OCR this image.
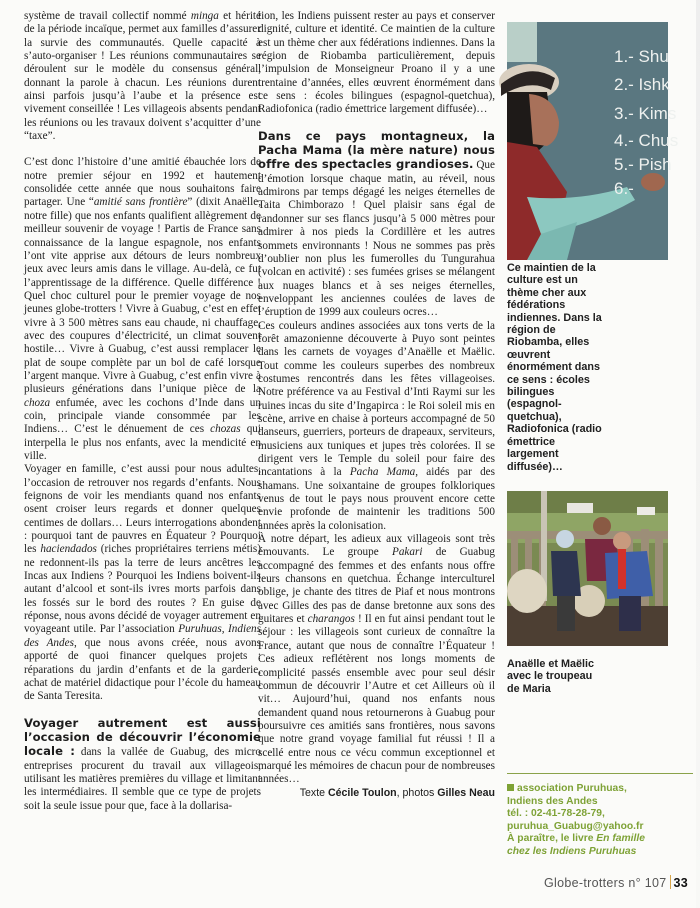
système de travail collectif nommé minga et hérité de la période incaïque, permet aux familles d’assurer la survie des communautés. Quelle capacité à s’auto-organiser ! Les réunions communautaires se déroulent sur le modèle du consensus général, donnant la parole à chacun. Les réunions durent ainsi parfois jusqu’à l’aube et la présence est vivement conseillée ! Les villageois absents pendant les réunions ou les travaux doivent s’acquitter d’une “taxe”.

C’est donc l’histoire d’une amitié ébauchée lors de notre premier séjour en 1992 et hautement consolidée cette année que nous souhaitons faire partager. Une “amitié sans frontière” (dixit Anaëlle, notre fille) que nos enfants qualifient allègrement de meilleur souvenir de voyage ! Partis de France sans connaissance de la langue espagnole, nos enfants l’ont vite apprise aux détours de leurs nombreux jeux avec leurs amis dans le village. Au-delà, ce fut l’apprentissage de la différence. Quelle différence ! Quel choc culturel pour le premier voyage de nos jeunes globe-trotters ! Vivre à Guabug, c’est en effet vivre à 3 500 mètres sans eau chaude, ni chauffage, avec des coupures d’électricité, un climat souvent hostile… Vivre à Guabug, c’est aussi remplacer le plat de soupe complète par un bol de café lorsque l’argent manque. Vivre à Guabug, c’est enfin vivre à plusieurs générations dans l’unique pièce de la choza enfumée, avec les cochons d’Inde dans un coin, principale viande consommée par les Indiens… C’est le dénuement de ces chozas qui interpella le plus nos enfants, avec la mendicité en ville.

Voyager en famille, c’est aussi pour nous adultes, l’occasion de retrouver nos regards d’enfants. Nous feignons de voir les mendiants quand nos enfants osent croiser leurs regards et donner quelques centimes de dollars… Leurs interrogations abondent : pourquoi tant de pauvres en Équateur ? Pourquoi les haciendados (riches propriétaires terriens métis) ne redonnent-ils pas la terre de leurs ancêtres les Incas aux Indiens ? Pourquoi les Indiens boivent-ils autant d’alcool et sont-ils ivres morts parfois dans les fossés sur le bord des routes ? En guise de réponse, nous avons décidé de voyager autrement en voyageant utile. Par l’association Puruhuas, Indiens des Andes, que nous avons créée, nous avons apporté de quoi financer quelques projets : réparations du jardin d’enfants et de la garderie, achat de matériel didactique pour l’école du hameau de Santa Teresita.

Voyager autrement est aussi l’occasion de découvrir l’économie locale : dans la vallée de Guabug, des micro entreprises procurent du travail aux villageois, utilisant les matières premières du village et limitant les intermédiaires. Il semble que ce type de projets soit la seule issue pour que, face à la dollarisa-

tion, les Indiens puissent rester au pays et conserver dignité, culture et identité. Ce maintien de la culture est un thème cher aux fédérations indiennes. Dans la région de Riobamba particulièrement, depuis l’impulsion de Monseigneur Proano il y a une trentaine d’années, elles œuvrent énormément dans ce sens : écoles bilingues (espagnol-quetchua), Radiofonica (radio émettrice largement diffusée)…

Dans ce pays montagneux, la Pacha Mama (la mère nature) nous offre des spectacles grandioses. Que d’émotion lorsque chaque matin, au réveil, nous admirons par temps dégagé les neiges éternelles de Taita Chimborazo ! Quel plaisir sans égal de randonner sur ses flancs jusqu’à 5 000 mètres pour admirer à nos pieds la Cordillère et les autres sommets environnants ! Nous ne sommes pas près d’oublier non plus les fumerolles du Tungurahua (volcan en activité) : ses fumées grises se mélangent aux nuages blancs et à ses neiges éternelles, enveloppant les anciennes coulées de laves de l’éruption de 1999 aux couleurs ocres…

Ces couleurs andines associées aux tons verts de la forêt amazonienne découverte à Puyo sont peintes dans les carnets de voyages d’Anaëlle et Maëlic. Tout comme les couleurs superbes des nombreux costumes rencontrés dans les fêtes villageoises. Notre préférence va au Festival d’Inti Raymi sur les ruines incas du site d’Ingapirca : le Roi soleil mis en scène, arrive en chaise à porteurs accompagné de 50 danseurs, guerriers, porteurs de drapeaux, serviteurs, musiciens aux tuniques et jupes très colorées. Il se dirigent vers le Temple du soleil pour faire des incantations à la Pacha Mama, aidés par des shamans. Une soixantaine de groupes folkloriques venus de tout le pays nous prouvent encore cette envie profonde de maintenir les traditions 500 années après la colonisation.

À notre départ, les adieux aux villageois sont très émouvants. Le groupe Pakari de Guabug accompagné des femmes et des enfants nous offre leurs chansons en quetchua. Échange interculturel oblige, je chante des titres de Piaf et nous montrons avec Gilles des pas de danse bretonne aux sons des guitares et charangos ! Il en fut ainsi pendant tout le séjour : les villageois sont curieux de connaître la France, autant que nous de connaître l’Équateur ! Ces adieux reflétèrent nos longs moments de complicité passés ensemble avec pour seul désir commun de découvrir l’Autre et cet Ailleurs où il vit… Aujourd’hui, quand nos enfants nous demandent quand nous retournerons à Guabug pour poursuivre ces amitiés sans frontières, nous savons que notre grand voyage familial fut réussi ! Il a scellé entre nous ce vécu commun exceptionnel et marqué les mémoires de chacun pour de nombreuses années…

Texte Cécile Toulon, photos Gilles Neau

1.- Shu
2.- Ishk
3.- Kims
4.- Chus
5.- Pish
6.-
Ce maintien de la culture est un thème cher aux fédérations indiennes. Dans la région de Riobamba, elles œuvrent énormément dans ce sens : écoles bilingues (espagnol-quetchua), Radiofonica (radio émettrice largement diffusée)…
Anaëlle et Maëlic avec le troupeau de Maria
association Puruhuas,
Indiens des Andes
tél. : 02-41-78-28-79,
puruhua_Guabug@yahoo.fr
À paraître, le livre En famille
chez les Indiens Puruhuas
Globe-trotters n° 107 33
